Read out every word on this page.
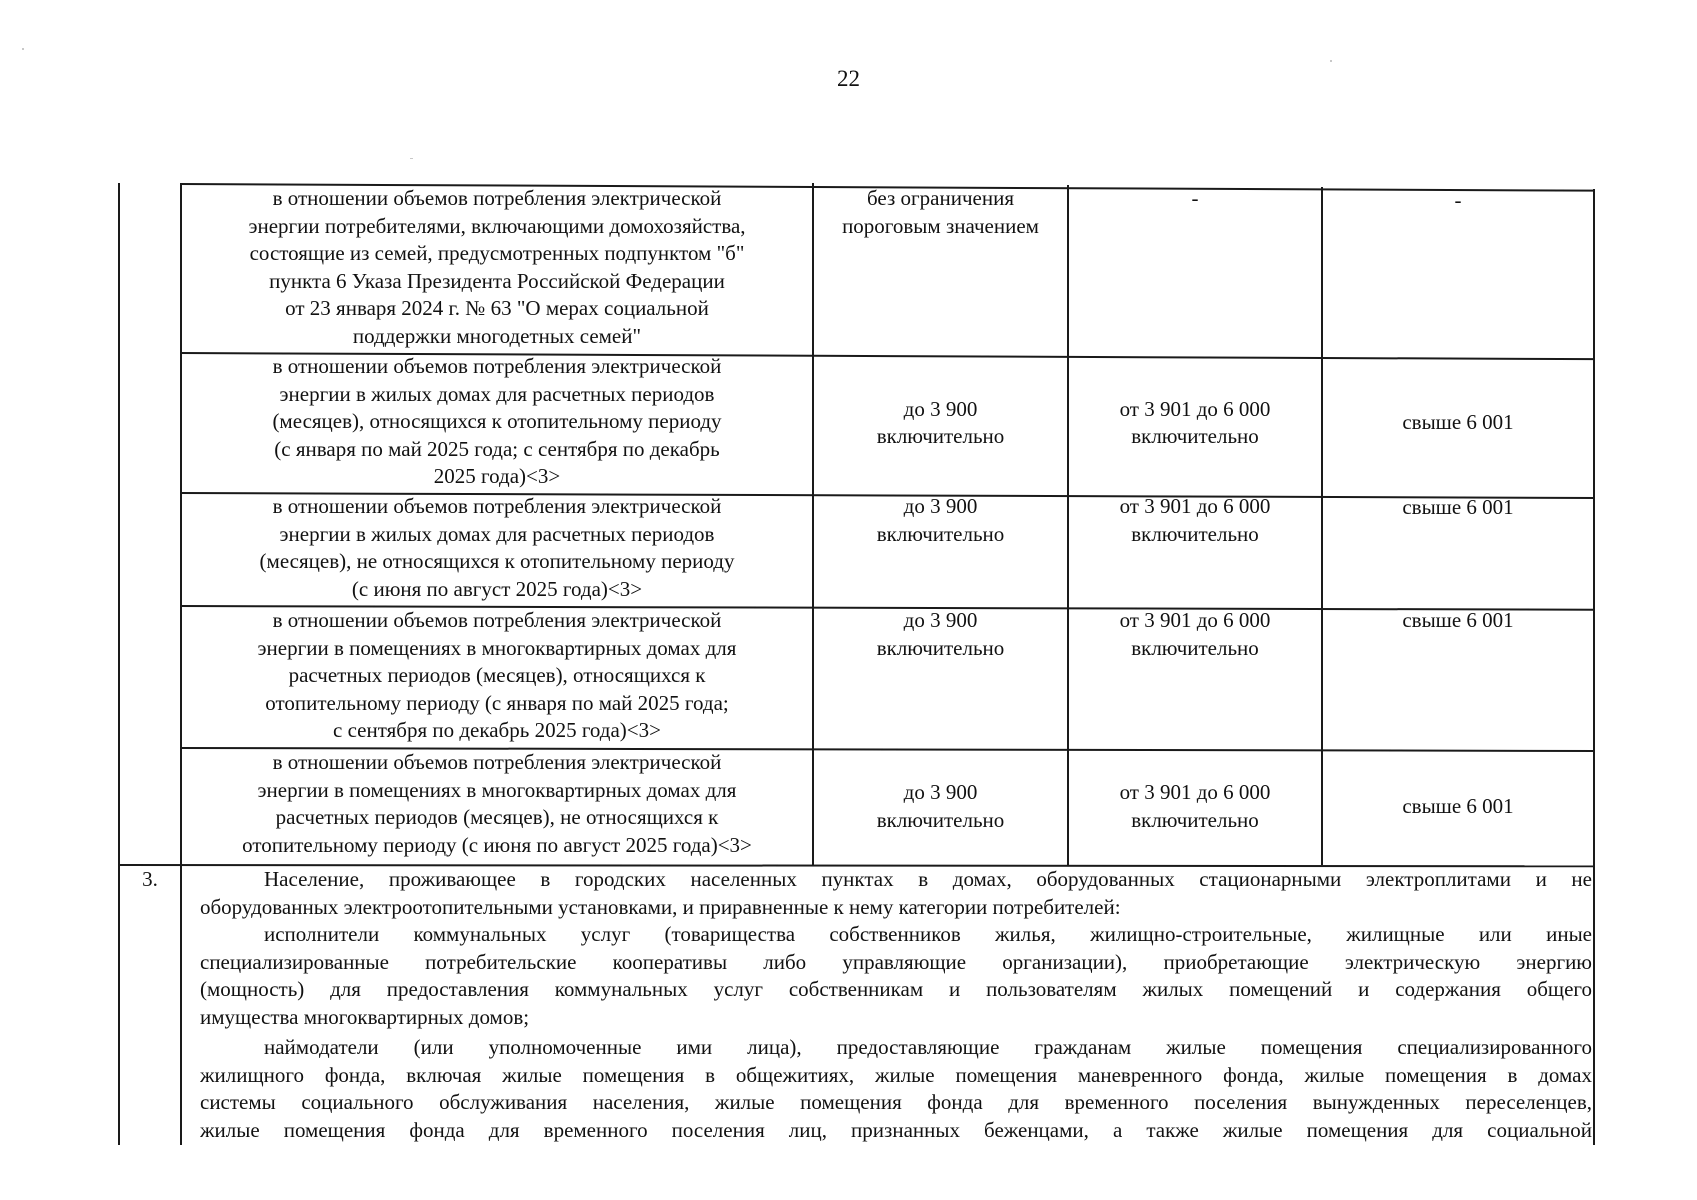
22
в отношении объемов потребления электрической
энергии потребителями, включающими домохозяйства,
состоящие из семей, предусмотренных подпунктом "б"
пункта 6 Указа Президента Российской Федерации
от 23 января 2024 г. № 63 "О мерах социальной
поддержки многодетных семей"
без ограничения
пороговым значением
-	-
в отношении объемов потребления электрической
энергии в жилых домах для расчетных периодов
(месяцев), относящихся к отопительному периоду
(с января по май 2025 года; с сентября по декабрь
2025 года)<3>
до 3 900
включительно
от 3 901 до 6 000
включительно
свыше 6 001
в отношении объемов потребления электрической
энергии в жилых домах для расчетных периодов
(месяцев), не относящихся к отопительному периоду
(с июня по август 2025 года)<3>
до 3 900
включительно
от 3 901 до 6 000
включительно
свыше 6 001
в отношении объемов потребления электрической
энергии в помещениях в многоквартирных домах для
расчетных периодов (месяцев), относящихся к
отопительному периоду (с января по май 2025 года;
с сентября по декабрь 2025 года)<3>
до 3 900
включительно
от 3 901 до 6 000
включительно
свыше 6 001
в отношении объемов потребления электрической
энергии в помещениях в многоквартирных домах для
расчетных периодов (месяцев), не относящихся к
отопительному периоду (с июня по август 2025 года)<3>
до 3 900
включительно
от 3 901 до 6 000
включительно
свыше 6 001
3.	Население, проживающее в городских населенных пунктах в домах, оборудованных стационарными электроплитами и не
оборудованных электроотопительными установками, и приравненные к нему категории потребителей:
исполнители коммунальных услуг (товарищества собственников жилья, жилищно-строительные, жилищные или иные
специализированные потребительские кооперативы либо управляющие организации), приобретающие электрическую энергию
(мощность) для предоставления коммунальных услуг собственникам и пользователям жилых помещений и содержания общего
имущества многоквартирных домов;
наймодатели (или уполномоченные ими лица), предоставляющие гражданам жилые помещения специализированного
жилищного фонда, включая жилые помещения в общежитиях, жилые помещения маневренного фонда, жилые помещения в домах
системы социального обслуживания населения, жилые помещения фонда для временного поселения вынужденных переселенцев,
жилые помещения фонда для временного поселения лиц, признанных беженцами, а также жилые помещения для социальной
